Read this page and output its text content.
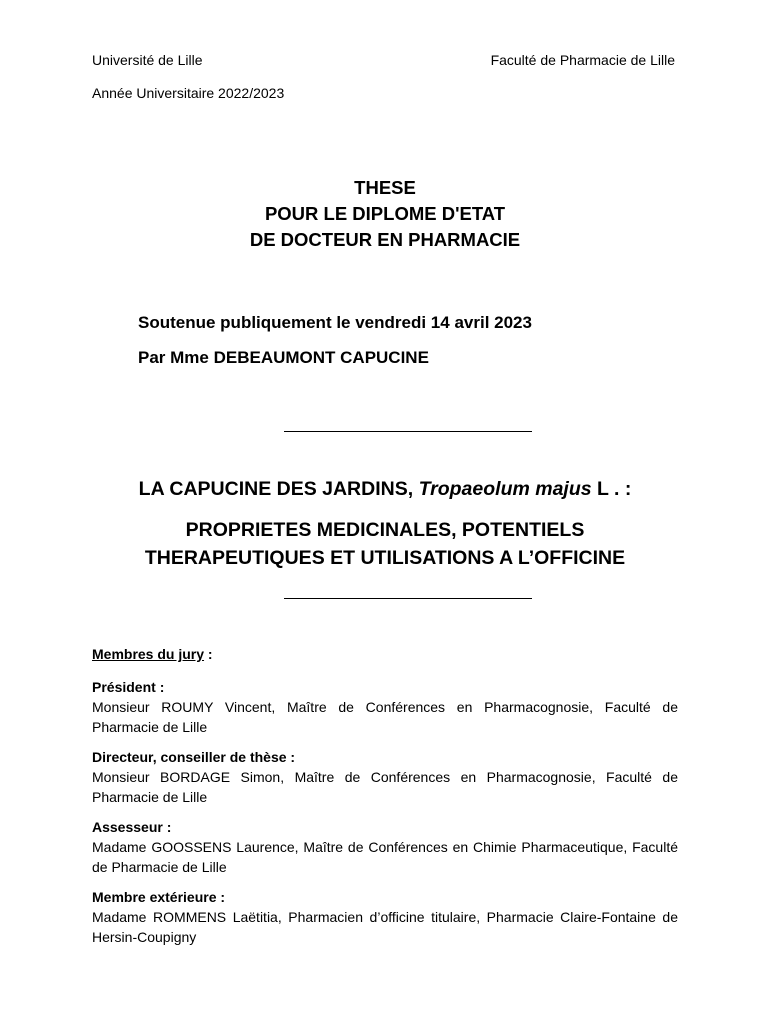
Université de Lille	Faculté de Pharmacie de Lille
Année Universitaire 2022/2023
THESE
POUR LE DIPLOME D'ETAT
DE DOCTEUR EN PHARMACIE
Soutenue publiquement le vendredi 14 avril 2023
Par Mme DEBEAUMONT CAPUCINE
LA CAPUCINE DES JARDINS, Tropaeolum majus L . :
PROPRIETES MEDICINALES, POTENTIELS
THERAPEUTIQUES ET UTILISATIONS A L’OFFICINE
Membres du jury :
Président :
Monsieur ROUMY Vincent, Maître de Conférences en Pharmacognosie, Faculté de Pharmacie de Lille
Directeur, conseiller de thèse :
Monsieur BORDAGE Simon, Maître de Conférences en Pharmacognosie, Faculté de Pharmacie de Lille
Assesseur :
Madame GOOSSENS Laurence, Maître de Conférences en Chimie Pharmaceutique, Faculté de Pharmacie de Lille
Membre extérieure :
Madame ROMMENS Laëtitia, Pharmacien d’officine titulaire, Pharmacie Claire-Fontaine de Hersin-Coupigny
